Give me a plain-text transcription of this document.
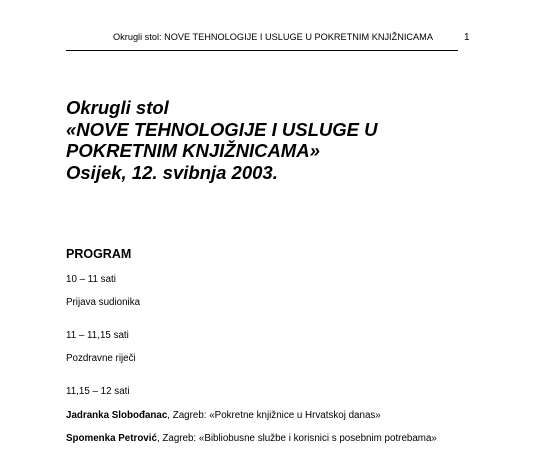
Okrugli stol: NOVE TEHNOLOGIJE I USLUGE U POKRETNIM KNJIŽNICAMA	1
Okrugli stol
«NOVE TEHNOLOGIJE I USLUGE U
POKRETNIM KNJIŽNICAMA»
Osijek, 12. svibnja 2003.
PROGRAM
10 – 11 sati
Prijava sudionika
11 – 11,15 sati
Pozdravne riječi
11,15 – 12 sati
Jadranka Slobođanac, Zagreb: «Pokretne knjižnice u Hrvatskoj danas»
Spomenka Petrović, Zagreb: «Bibliobusne službe i korisnici s posebnim potrebama»
